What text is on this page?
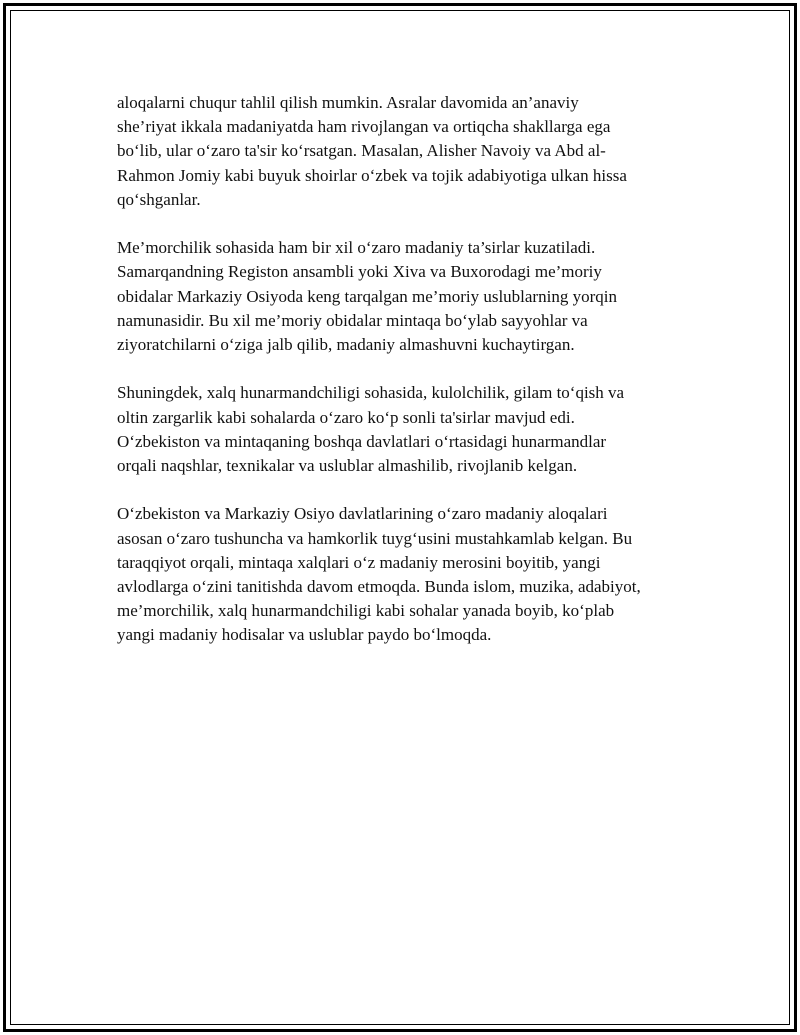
aloqalarni chuqur tahlil qilish mumkin. Asralar davomida an’anaviy
she’riyat ikkala madaniyatda ham rivojlangan va ortiqcha shakllarga ega
bo‘lib, ular o‘zaro ta'sir ko‘rsatgan. Masalan, Alisher Navoiy va Abd al-
Rahmon Jomiy kabi buyuk shoirlar o‘zbek va tojik adabiyotiga ulkan hissa
qo‘shganlar.

Me’morchilik sohasida ham bir xil o‘zaro madaniy ta’sirlar kuzatiladi.
Samarqandning Registon ansambli yoki Xiva va Buxorodagi me’moriy
obidalar Markaziy Osiyoda keng tarqalgan me’moriy uslublarning yorqin
namunasidir. Bu xil me’moriy obidalar mintaqa bo‘ylab sayyohlar va
ziyoratchilarni o‘ziga jalb qilib, madaniy almashuvni kuchaytirgan.

Shuningdek, xalq hunarmandchiligi sohasida, kulolchilik, gilam to‘qish va
oltin zargarlik kabi sohalarda o‘zaro ko‘p sonli ta'sirlar mavjud edi.
O‘zbekiston va mintaqaning boshqa davlatlari o‘rtasidagi hunarmandlar
orqali naqshlar, texnikalar va uslublar almashilib, rivojlanib kelgan.

O‘zbekiston va Markaziy Osiyo davlatlarining o‘zaro madaniy aloqalari
asosan o‘zaro tushuncha va hamkorlik tuyg‘usini mustahkamlab kelgan. Bu
taraqqiyot orqali, mintaqa xalqlari o‘z madaniy merosini boyitib, yangi
avlodlarga o‘zini tanitishda davom etmoqda. Bunda islom, muzika, adabiyot,
me’morchilik, xalq hunarmandchiligi kabi sohalar yanada boyib, ko‘plab
yangi madaniy hodisalar va uslublar paydo bo‘lmoqda.
